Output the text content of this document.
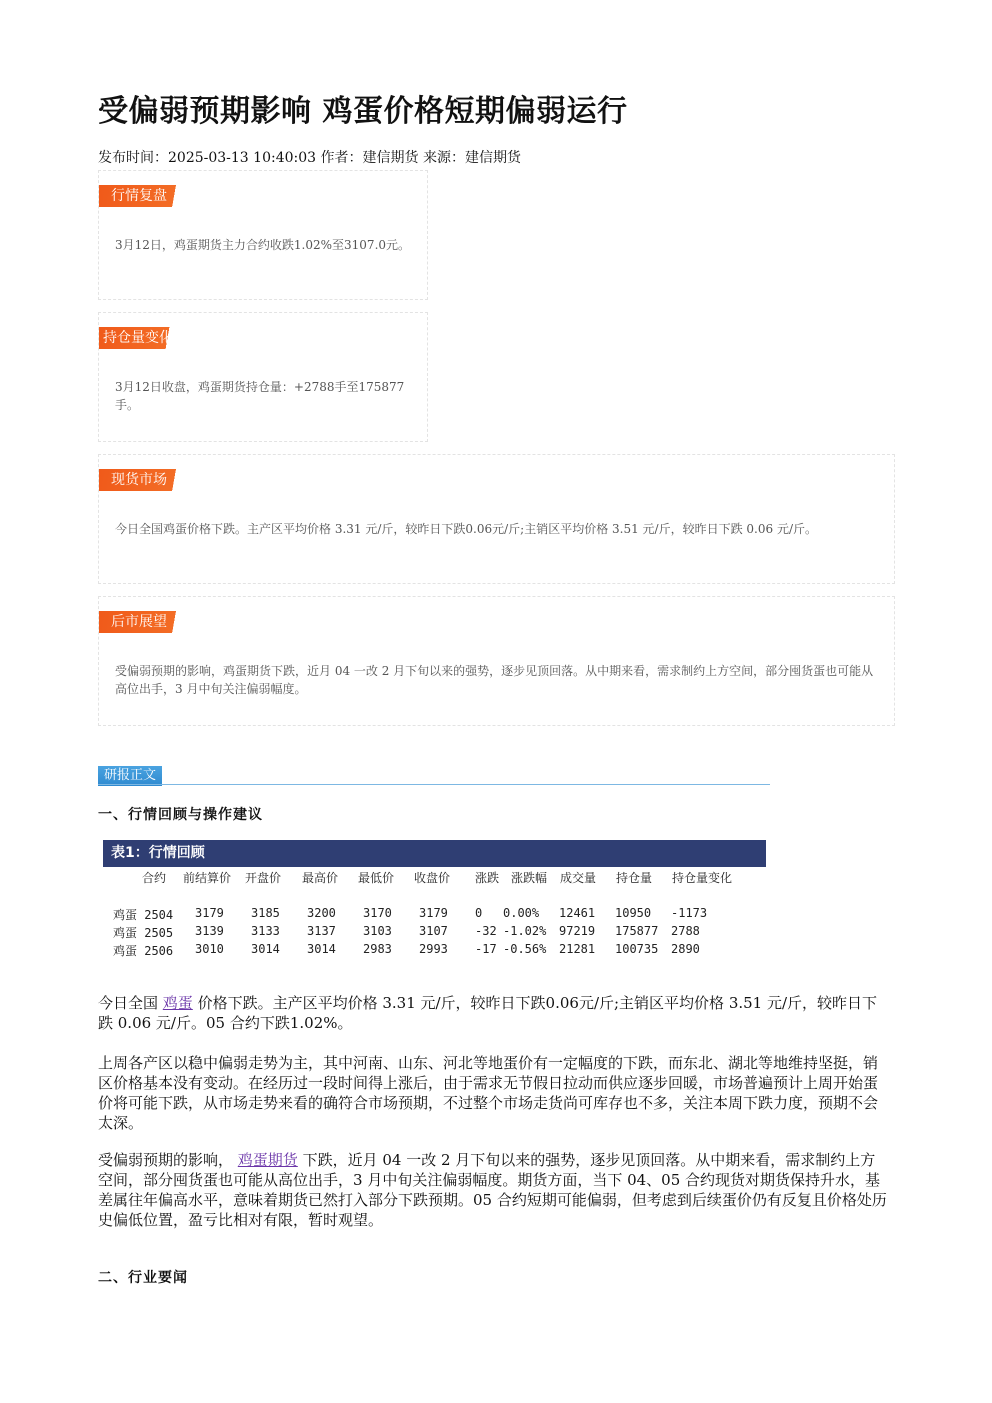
受偏弱预期影响 鸡蛋价格短期偏弱运行
发布时间：2025-03-13 10:40:03 作者：建信期货 来源：建信期货
行情复盘
3月12日，鸡蛋期货主力合约收跌1.02%至3107.0元。
持仓量变化
3月12日收盘，鸡蛋期货持仓量：+2788手至175877手。
现货市场
今日全国鸡蛋价格下跌。主产区平均价格 3.31 元/斤，较昨日下跌0.06元/斤;主销区平均价格 3.51 元/斤，较昨日下跌 0.06 元/斤。
后市展望
受偏弱预期的影响，鸡蛋期货下跌，近月 04 一改 2 月下旬以来的强势，逐步见顶回落。从中期来看，需求制约上方空间，部分囤货蛋也可能从高位出手，3 月中旬关注偏弱幅度。
研报正文
一、行情回顾与操作建议
表1：行情回顾
合约 前结算价 开盘价 最高价 最低价 收盘价 涨跌 涨跌幅 成交量 持仓量 持仓量变化
鸡蛋 2504 3179 3185 3200 3170 3179 0 0.00% 12461 10950 -1173
鸡蛋 2505 3139 3133 3137 3103 3107 -32 -1.02% 97219 175877 2788
鸡蛋 2506 3010 3014 3014 2983 2993 -17 -0.56% 21281 100735 2890
今日全国 鸡蛋 价格下跌。主产区平均价格 3.31 元/斤，较昨日下跌0.06元/斤;主销区平均价格 3.51 元/斤，较昨日下跌 0.06 元/斤。05 合约下跌1.02%。
上周各产区以稳中偏弱走势为主，其中河南、山东、河北等地蛋价有一定幅度的下跌，而东北、湖北等地维持坚挺，销区价格基本没有变动。在经历过一段时间得上涨后，由于需求无节假日拉动而供应逐步回暖，市场普遍预计上周开始蛋价将可能下跌，从市场走势来看的确符合市场预期，不过整个市场走货尚可库存也不多，关注本周下跌力度，预期不会太深。
受偏弱预期的影响， 鸡蛋期货 下跌，近月 04 一改 2 月下旬以来的强势，逐步见顶回落。从中期来看，需求制约上方空间，部分囤货蛋也可能从高位出手，3 月中旬关注偏弱幅度。期货方面，当下 04、05 合约现货对期货保持升水，基差属往年偏高水平，意味着期货已然打入部分下跌预期。05 合约短期可能偏弱，但考虑到后续蛋价仍有反复且价格处历史偏低位置，盈亏比相对有限，暂时观望。
二、行业要闻
